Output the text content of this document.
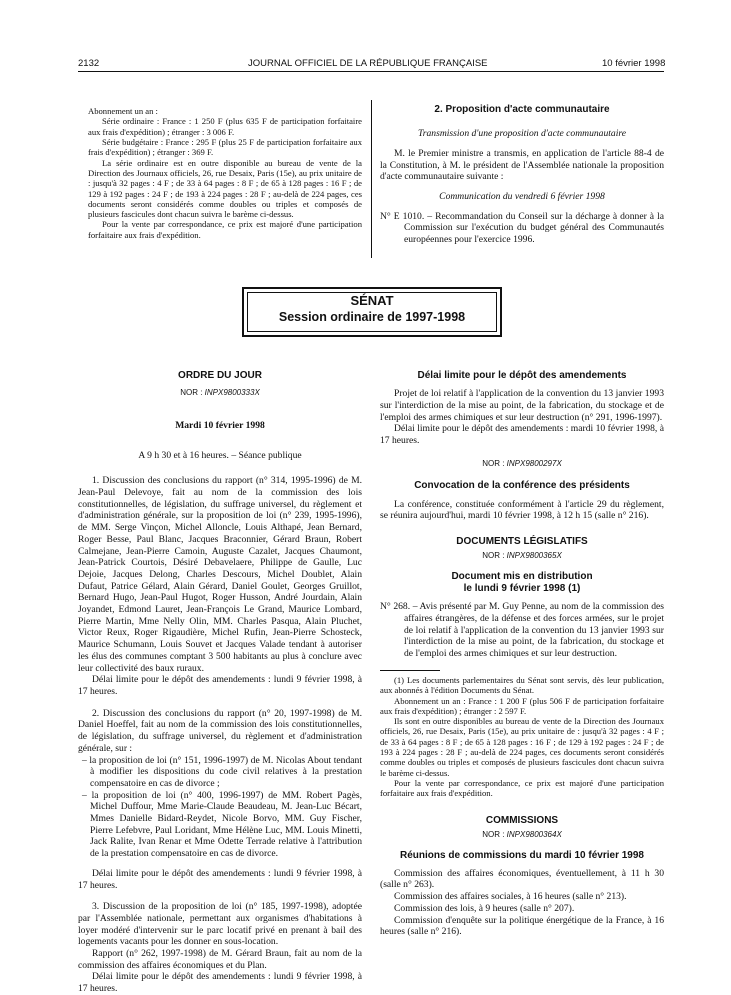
2132	JOURNAL OFFICIEL DE LA RÉPUBLIQUE FRANÇAISE	10 février 1998

Abonnement un an :

Série ordinaire : France : 1 250 F (plus 635 F de participation forfaitaire aux frais d'expédition) ; étranger : 3 006 F.

Série budgétaire : France : 295 F (plus 25 F de participation forfaitaire aux frais d'expédition) ; étranger : 369 F.

La série ordinaire est en outre disponible au bureau de vente de la Direction des Journaux officiels, 26, rue Desaix, Paris (15e), au prix unitaire de : jusqu'à 32 pages : 4 F ; de 33 à 64 pages : 8 F ; de 65 à 128 pages : 16 F ; de 129 à 192 pages : 24 F ; de 193 à 224 pages : 28 F ; au-delà de 224 pages, ces documents seront considérés comme doubles ou triples et composés de plusieurs fascicules dont chacun suivra le barème ci-dessus.

Pour la vente par correspondance, ce prix est majoré d'une participation forfaitaire aux frais d'expédition.

2. Proposition d'acte communautaire

Transmission d'une proposition d'acte communautaire

M. le Premier ministre a transmis, en application de l'article 88-4 de la Constitution, à M. le président de l'Assemblée nationale la proposition d'acte communautaire suivante :

Communication du vendredi 6 février 1998

N° E 1010. – Recommandation du Conseil sur la décharge à donner à la Commission sur l'exécution du budget général des Communautés européennes pour l'exercice 1996.

SÉNAT
Session ordinaire de 1997-1998
ORDRE DU JOUR
NOR : INPX9800333X

Mardi 10 février 1998

A 9 h 30 et à 16 heures. – Séance publique

1. Discussion des conclusions du rapport (n° 314, 1995-1996) de M. Jean-Paul Delevoye, fait au nom de la commission des lois constitutionnelles, de législation, du suffrage universel, du règlement et d'administration générale, sur la proposition de loi (n° 239, 1995-1996), de MM. Serge Vinçon, Michel Alloncle, Louis Althapé, Jean Bernard, Roger Besse, Paul Blanc, Jacques Braconnier, Gérard Braun, Robert Calmejane, Jean-Pierre Camoin, Auguste Cazalet, Jacques Chaumont, Jean-Patrick Courtois, Désiré Debavelaere, Philippe de Gaulle, Luc Dejoie, Jacques Delong, Charles Descours, Michel Doublet, Alain Dufaut, Patrice Gélard, Alain Gérard, Daniel Goulet, Georges Gruillot, Bernard Hugo, Jean-Paul Hugot, Roger Husson, André Jourdain, Alain Joyandet, Edmond Lauret, Jean-François Le Grand, Maurice Lombard, Pierre Martin, Mme Nelly Olin, MM. Charles Pasqua, Alain Pluchet, Victor Reux, Roger Rigaudière, Michel Rufin, Jean-Pierre Schosteck, Maurice Schumann, Louis Souvet et Jacques Valade tendant à autoriser les élus des communes comptant 3 500 habitants au plus à conclure avec leur collectivité des baux ruraux.

Délai limite pour le dépôt des amendements : lundi 9 février 1998, à 17 heures.

2. Discussion des conclusions du rapport (n° 20, 1997-1998) de M. Daniel Hoeffel, fait au nom de la commission des lois constitutionnelles, de législation, du suffrage universel, du règlement et d'administration générale, sur :

– la proposition de loi (n° 151, 1996-1997) de M. Nicolas About tendant à modifier les dispositions du code civil relatives à la prestation compensatoire en cas de divorce ;

– la proposition de loi (n° 400, 1996-1997) de MM. Robert Pagès, Michel Duffour, Mme Marie-Claude Beaudeau, M. Jean-Luc Bécart, Mmes Danielle Bidard-Reydet, Nicole Borvo, MM. Guy Fischer, Pierre Lefebvre, Paul Loridant, Mme Hélène Luc, MM. Louis Minetti, Jack Ralite, Ivan Renar et Mme Odette Terrade relative à l'attribution de la prestation compensatoire en cas de divorce.

Délai limite pour le dépôt des amendements : lundi 9 février 1998, à 17 heures.

3. Discussion de la proposition de loi (n° 185, 1997-1998), adoptée par l'Assemblée nationale, permettant aux organismes d'habitations à loyer modéré d'intervenir sur le parc locatif privé en prenant à bail des logements vacants pour les donner en sous-location.

Rapport (n° 262, 1997-1998) de M. Gérard Braun, fait au nom de la commission des affaires économiques et du Plan.

Délai limite pour le dépôt des amendements : lundi 9 février 1998, à 17 heures.

Délai limite pour le dépôt des amendements

Projet de loi relatif à l'application de la convention du 13 janvier 1993 sur l'interdiction de la mise au point, de la fabrication, du stockage et de l'emploi des armes chimiques et sur leur destruction (n° 291, 1996-1997).

Délai limite pour le dépôt des amendements : mardi 10 février 1998, à 17 heures.

NOR : INPX9800297X
Convocation de la conférence des présidents

La conférence, constituée conformément à l'article 29 du règlement, se réunira aujourd'hui, mardi 10 février 1998, à 12 h 15 (salle n° 216).

DOCUMENTS LÉGISLATIFS
NOR : INPX9800365X
Document mis en distribution
le lundi 9 février 1998 (1)

N° 268. – Avis présenté par M. Guy Penne, au nom de la commission des affaires étrangères, de la défense et des forces armées, sur le projet de loi relatif à l'application de la convention du 13 janvier 1993 sur l'interdiction de la mise au point, de la fabrication, du stockage et de l'emploi des armes chimiques et sur leur destruction.

(1) Les documents parlementaires du Sénat sont servis, dès leur publication, aux abonnés à l'édition Documents du Sénat.

Abonnement un an : France : 1 200 F (plus 506 F de participation forfaitaire aux frais d'expédition) ; étranger : 2 597 F.

Ils sont en outre disponibles au bureau de vente de la Direction des Journaux officiels, 26, rue Desaix, Paris (15e), au prix unitaire de : jusqu'à 32 pages : 4 F ; de 33 à 64 pages : 8 F ; de 65 à 128 pages : 16 F ; de 129 à 192 pages : 24 F ; de 193 à 224 pages : 28 F ; au-delà de 224 pages, ces documents seront considérés comme doubles ou triples et composés de plusieurs fascicules dont chacun suivra le barème ci-dessus.

Pour la vente par correspondance, ce prix est majoré d'une participation forfaitaire aux frais d'expédition.

COMMISSIONS
NOR : INPX9800364X
Réunions de commissions du mardi 10 février 1998

Commission des affaires économiques, éventuellement, à 11 h 30 (salle n° 263).

Commission des affaires sociales, à 16 heures (salle n° 213).

Commission des lois, à 9 heures (salle n° 207).

Commission d'enquête sur la politique énergétique de la France, à 16 heures (salle n° 216).
